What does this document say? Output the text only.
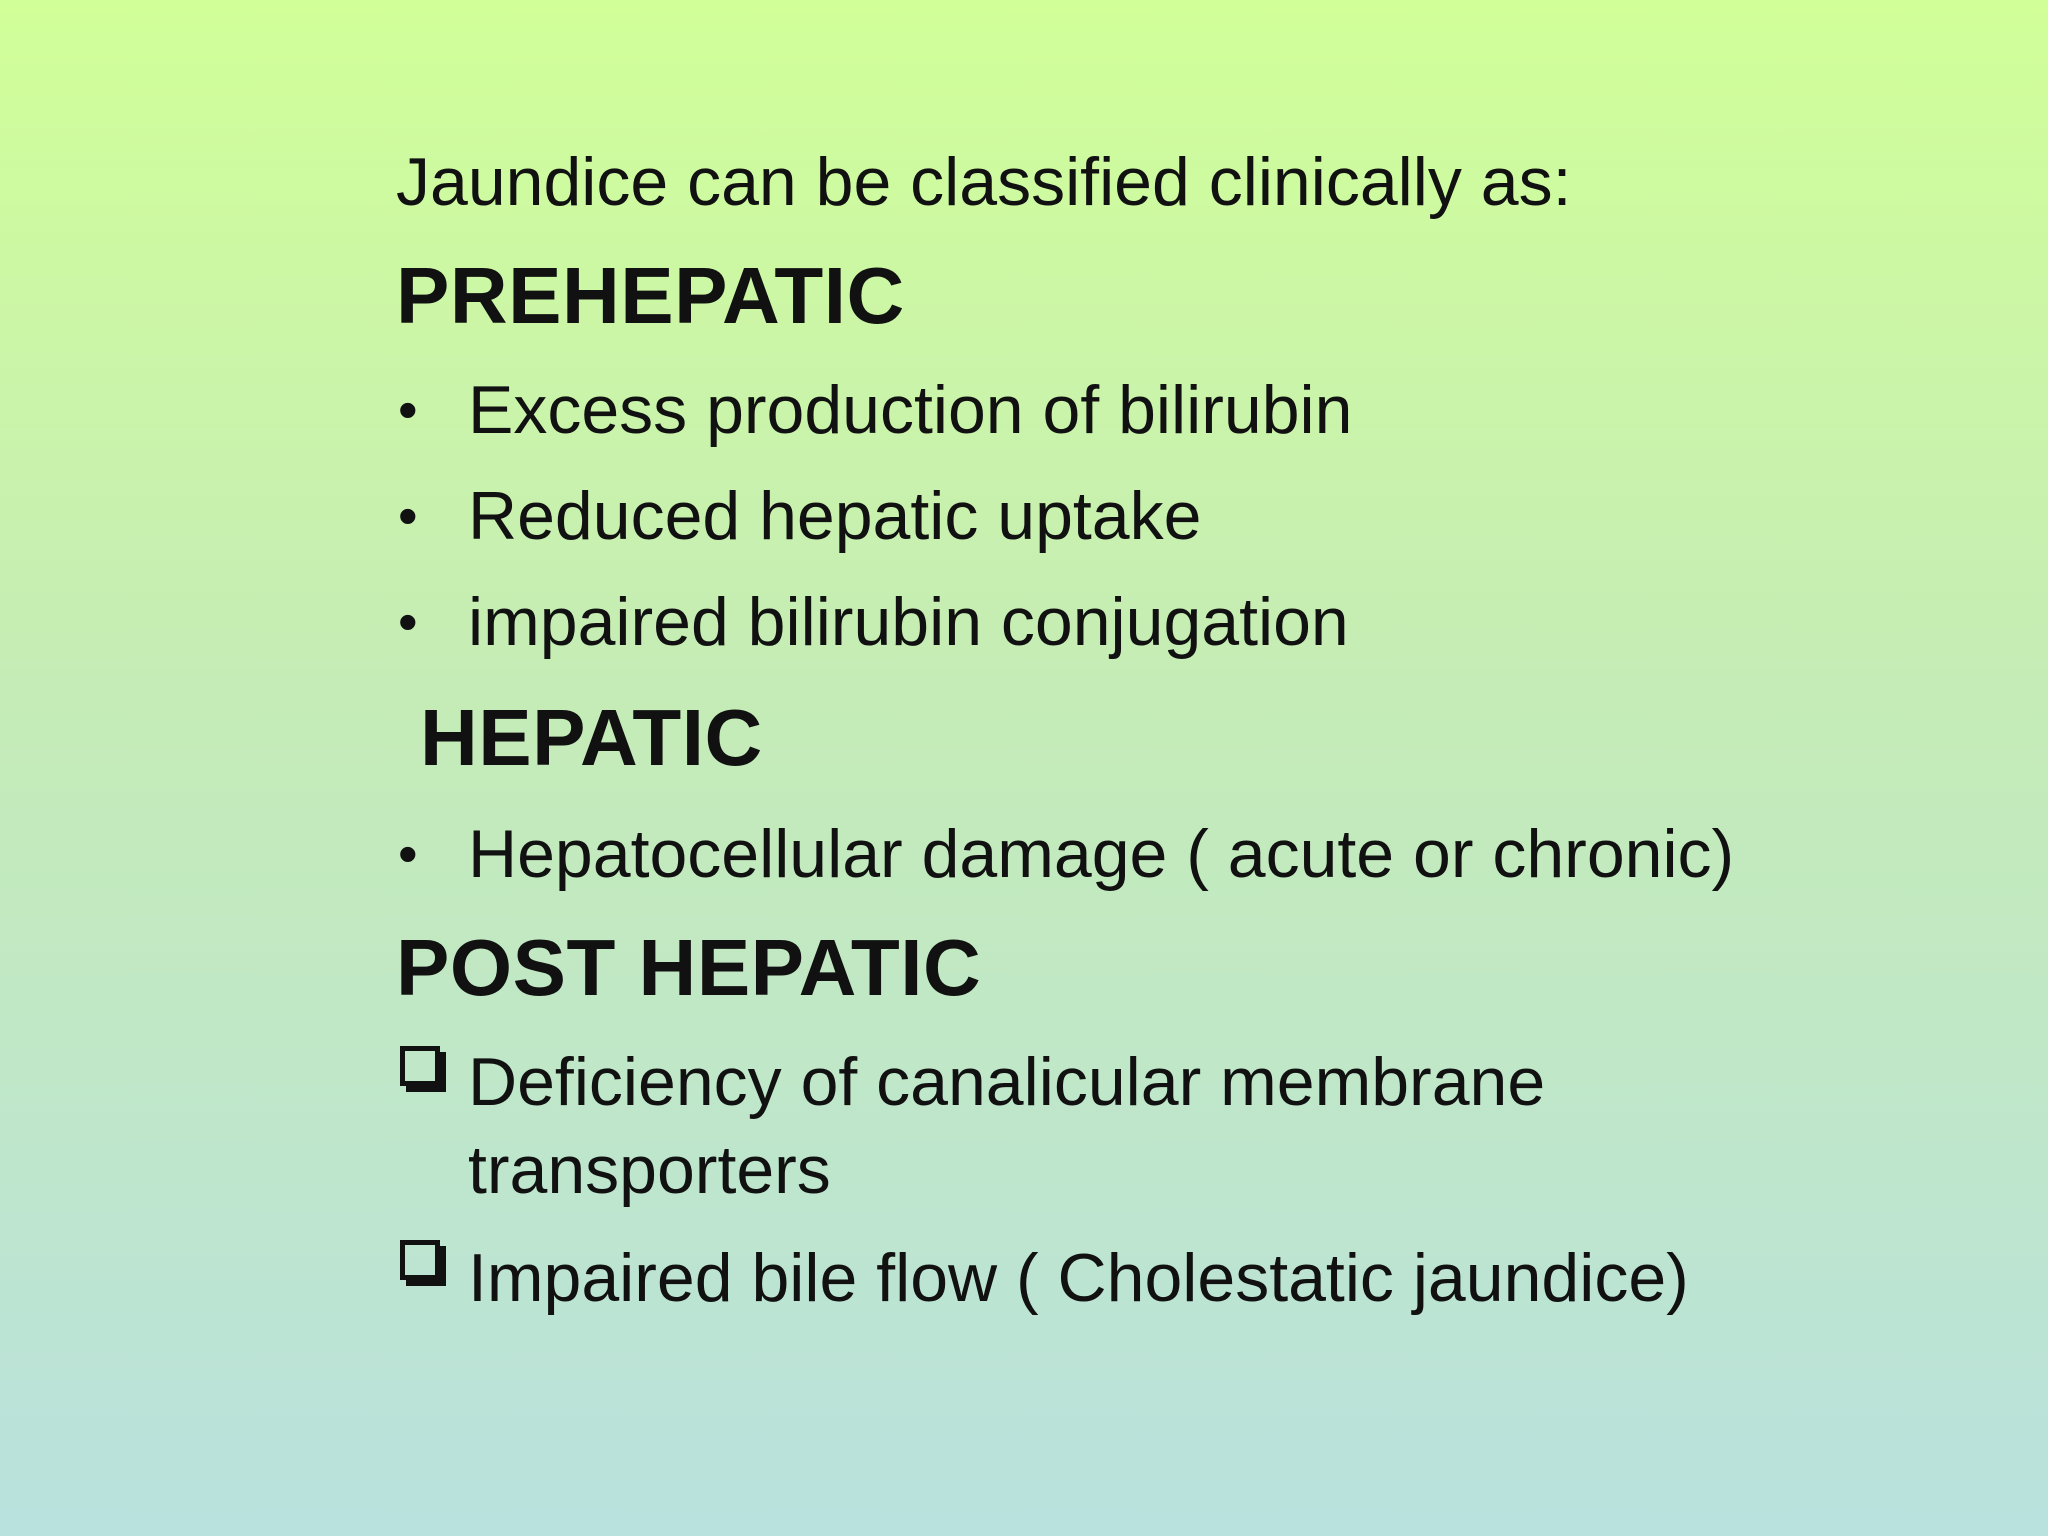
Jaundice can be classified clinically as:
PREHEPATIC
• Excess production of bilirubin
• Reduced hepatic uptake
• impaired bilirubin conjugation
HEPATIC
• Hepatocellular damage ( acute or chronic)
POST HEPATIC
Deficiency of canalicular membrane
transporters
Impaired bile flow ( Cholestatic jaundice)
